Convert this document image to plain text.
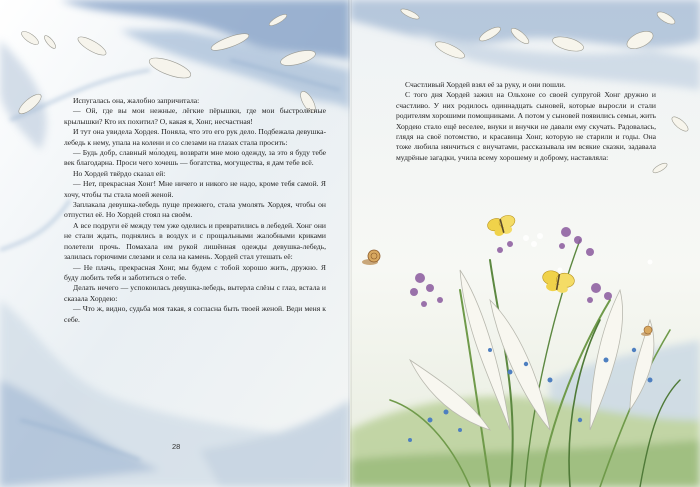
Испугалась она, жалобно запричитала:

— Ой, где вы мои нежные, лёгкие пёрышки, где мои быстролётные крылышки? Кто их похитил? О, какая я, Хонг, несчастная!

И тут она увидела Хордея. Поняла, что это его рук дело. Подбежала девушка-лебедь к нему, упала на колени и со слезами на глазах стала просить:

— Будь добр, славный мо́лодец, возврати мне мою одежду, за это я буду тебе век благодарна. Проси чего хочешь — богатства, могущества, я дам тебе всё.

Но Хордей твёрдо сказал ей:

— Нет, прекрасная Хонг! Мне ничего и никого не надо, кроме тебя самой. Я хочу, чтобы ты стала моей женой.

Заплакала девушка-лебедь пуще прежнего, стала умолять Хордея, чтобы он отпустил её. Но Хордей стоял на своём.

А все подруги её между тем уже оделись и превратились в лебедей. Хонг они не стали ждать, поднялись в воздух и с прощальными жалобными криками полетели прочь. Помахала им рукой лишённая одежды девушка-лебедь, залилась горючими слезами и села на камень. Хордей стал утешать её:

— Не плачь, прекрасная Хонг, мы будем с тобой хорошо жить, дружно. Я буду любить тебя и заботиться о тебе.

Делать нечего — успокоилась девушка-лебедь, вытерла слёзы с глаз, встала и сказала Хордею:

— Что ж, видно, судьба моя такая, я согласна быть твоей женой. Веди меня к себе.

28

Счастливый Хордей взял её за руку, и они пошли.

С того дня Хордей зажил на Ольхоне со своей супругой Хонг дружно и счастливо. У них родилось одиннадцать сыновей, которые выросли и стали родителям хорошими помощниками. А потом у сыновей появились семьи, жить Хордею стало ещё веселее, внуки и внучки не давали ему скучать. Радовалась, глядя на своё потомство, и красавица Хонг, которую не старили и годы. Она тоже любила нянчиться с внучатами, рассказывала им всякие сказки, задавала мудрёные загадки, учила всему хорошему и доброму, наставляла:
